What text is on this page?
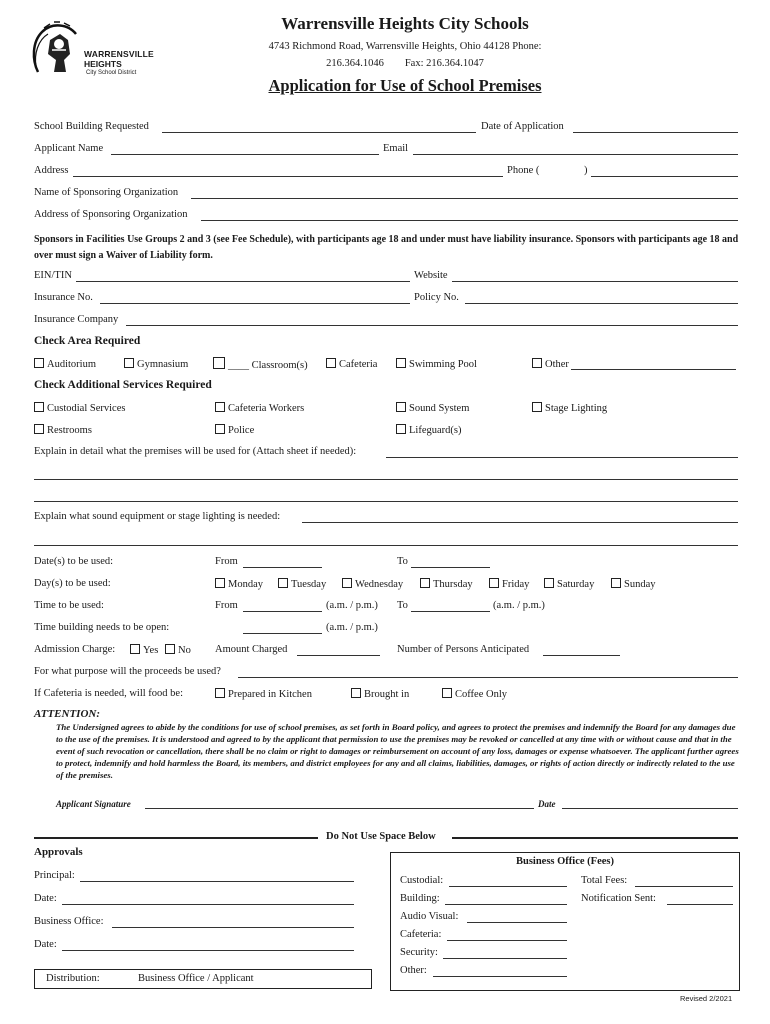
WARRENSVILLE
HEIGHTS
City School District
Warrensville Heights City Schools
4743 Richmond Road, Warrensville Heights, Ohio 44128 Phone:
216.364.1046        Fax: 216.364.1047
Application for Use of School Premises
School Building Requested	Date of Application
Applicant Name	Email
Address	Phone (	)
Name of Sponsoring Organization
Address of Sponsoring Organization
Sponsors in Facilities Use Groups 2 and 3 (see Fee Schedule), with participants age 18 and under must have liability insurance. Sponsors with participants age 18 and over must sign a Waiver of Liability form.
EIN/TIN	Website
Insurance No.	Policy No.
Insurance Company
Check Area Required
Auditorium	Gymnasium	____ Classroom(s)	Cafeteria	Swimming Pool	Other
Check Additional Services Required
Custodial Services	Cafeteria Workers	Sound System	Stage Lighting
Restrooms	Police	Lifeguard(s)
Explain in detail what the premises will be used for (Attach sheet if needed):
Explain what sound equipment or stage lighting is needed:
Date(s) to be used:	From	To
Day(s) to be used:	Monday	Tuesday	Wednesday	Thursday	Friday	Saturday	Sunday
Time to be used:	From	(a.m. / p.m.) To	(a.m. / p.m.)
Time building needs to be open:	(a.m. / p.m.)
Admission Charge:	Yes	No Amount Charged	Number of Persons Anticipated
For what purpose will the proceeds be used?
If Cafeteria is needed, will food be:	Prepared in Kitchen	Brought in	Coffee Only
ATTENTION:
The Undersigned agrees to abide by the conditions for use of school premises, as set forth in Board policy, and agrees to protect the premises and indemnify the Board for any damages due to the use of the premises. It is understood and agreed to by the applicant that permission to use the premises may be revoked or cancelled at any time with or without cause and that in the event of such revocation or cancellation, there shall be no claim or right to damages or reimbursement on account of any loss, damages or expense whatsoever. The applicant further agrees to protect, indemnify and hold harmless the Board, its members, and district employees for any and all claims, liabilities, damages, or rights of action directly or indirectly related to the use of the premises.
Applicant Signature	Date
Do Not Use Space Below
Approvals
Principal:
Date:
Business Office:
Date:
Distribution:	Business Office / Applicant
Business Office (Fees)
Custodial:
Building:
Audio Visual:
Cafeteria:
Security:
Other:
Total Fees:
Notification Sent:
Revised 2/2021
